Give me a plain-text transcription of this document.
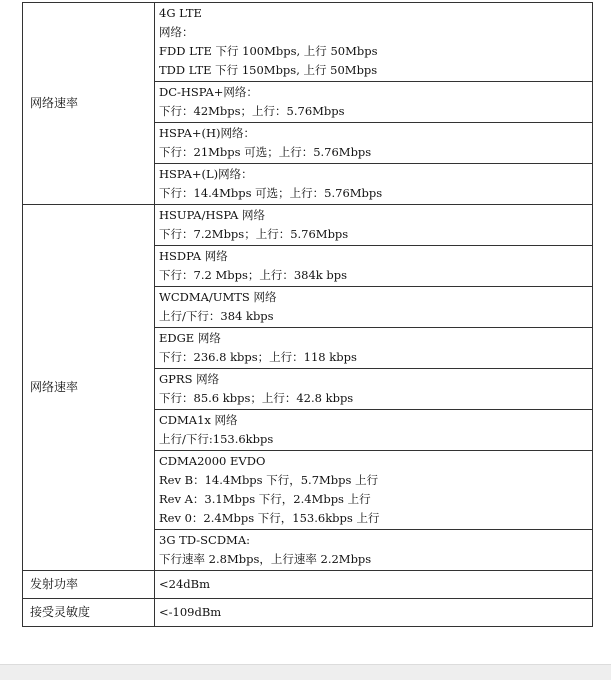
网络速率	4G LTE
网络：
FDD LTE 下行 100Mbps, 上行 50Mbps
TDD LTE 下行 150Mbps, 上行 50Mbps

	DC-HSPA+网络：
下行：42Mbps；上行：5.76Mbps

	HSPA+(H)网络：
下行：21Mbps 可选；上行：5.76Mbps

	HSPA+(L)网络：
下行：14.4Mbps 可选；上行：5.76Mbps

网络速率	HSUPA/HSPA 网络
下行：7.2Mbps；上行：5.76Mbps

	HSDPA 网络
下行：7.2 Mbps；上行：384k bps

	WCDMA/UMTS 网络
上行/下行：384 kbps

	EDGE 网络
下行：236.8 kbps；上行：118 kbps

	GPRS 网络
下行：85.6 kbps；上行：42.8 kbps

	CDMA1x 网络
上行/下行:153.6kbps

	CDMA2000 EVDO
Rev B：14.4Mbps 下行，5.7Mbps 上行
Rev A：3.1Mbps 下行，2.4Mbps 上行
Rev 0：2.4Mbps 下行，153.6kbps 上行

	3G TD-SCDMA:
下行速率 2.8Mbps，上行速率 2.2Mbps

发射功率	<24dBm
接受灵敏度	<-109dBm
